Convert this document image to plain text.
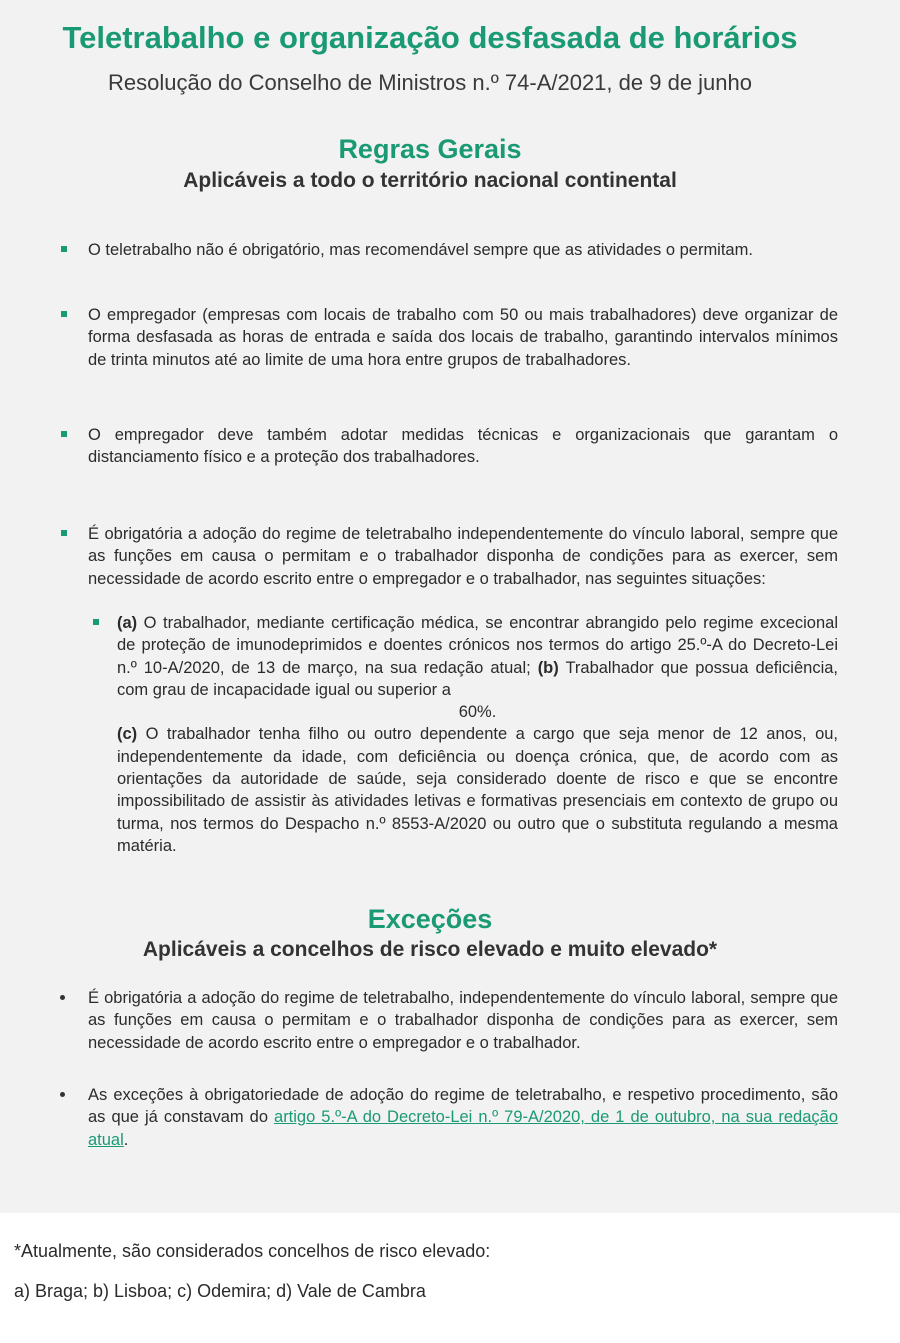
Teletrabalho e organização desfasada de horários
Resolução do Conselho de Ministros n.º 74-A/2021, de 9 de junho
Regras Gerais
Aplicáveis a todo o território nacional continental
O teletrabalho não é obrigatório, mas recomendável sempre que as atividades o permitam.
O empregador (empresas com locais de trabalho com 50 ou mais trabalhadores) deve organizar de forma desfasada as horas de entrada e saída dos locais de trabalho, garantindo intervalos mínimos de trinta minutos até ao limite de uma hora entre grupos de trabalhadores.
O empregador deve também adotar medidas técnicas e organizacionais que garantam o distanciamento físico e a proteção dos trabalhadores.
É obrigatória a adoção do regime de teletrabalho independentemente do vínculo laboral, sempre que as funções em causa o permitam e o trabalhador disponha de condições para as exercer, sem necessidade de acordo escrito entre o empregador e o trabalhador, nas seguintes situações:
(a) O trabalhador, mediante certificação médica, se encontrar abrangido pelo regime excecional de proteção de imunodeprimidos e doentes crónicos nos termos do artigo 25.º-A do Decreto-Lei n.º 10-A/2020, de 13 de março, na sua redação atual; (b) Trabalhador que possua deficiência, com grau de incapacidade igual ou superior a
60%.
(c) O trabalhador tenha filho ou outro dependente a cargo que seja menor de 12 anos, ou, independentemente da idade, com deficiência ou doença crónica, que, de acordo com as orientações da autoridade de saúde, seja considerado doente de risco e que se encontre impossibilitado de assistir às atividades letivas e formativas presenciais em contexto de grupo ou turma, nos termos do Despacho n.º 8553-A/2020 ou outro que o substituta regulando a mesma matéria.
Exceções
Aplicáveis a concelhos de risco elevado e muito elevado*
É obrigatória a adoção do regime de teletrabalho, independentemente do vínculo laboral, sempre que as funções em causa o permitam e o trabalhador disponha de condições para as exercer, sem necessidade de acordo escrito entre o empregador e o trabalhador.
As exceções à obrigatoriedade de adoção do regime de teletrabalho, e respetivo procedimento, são as que já constavam do artigo 5.º-A do Decreto-Lei n.º 79-A/2020, de 1 de outubro, na sua redação atual.
*Atualmente, são considerados concelhos de risco elevado:
a) Braga; b) Lisboa; c) Odemira; d) Vale de Cambra
